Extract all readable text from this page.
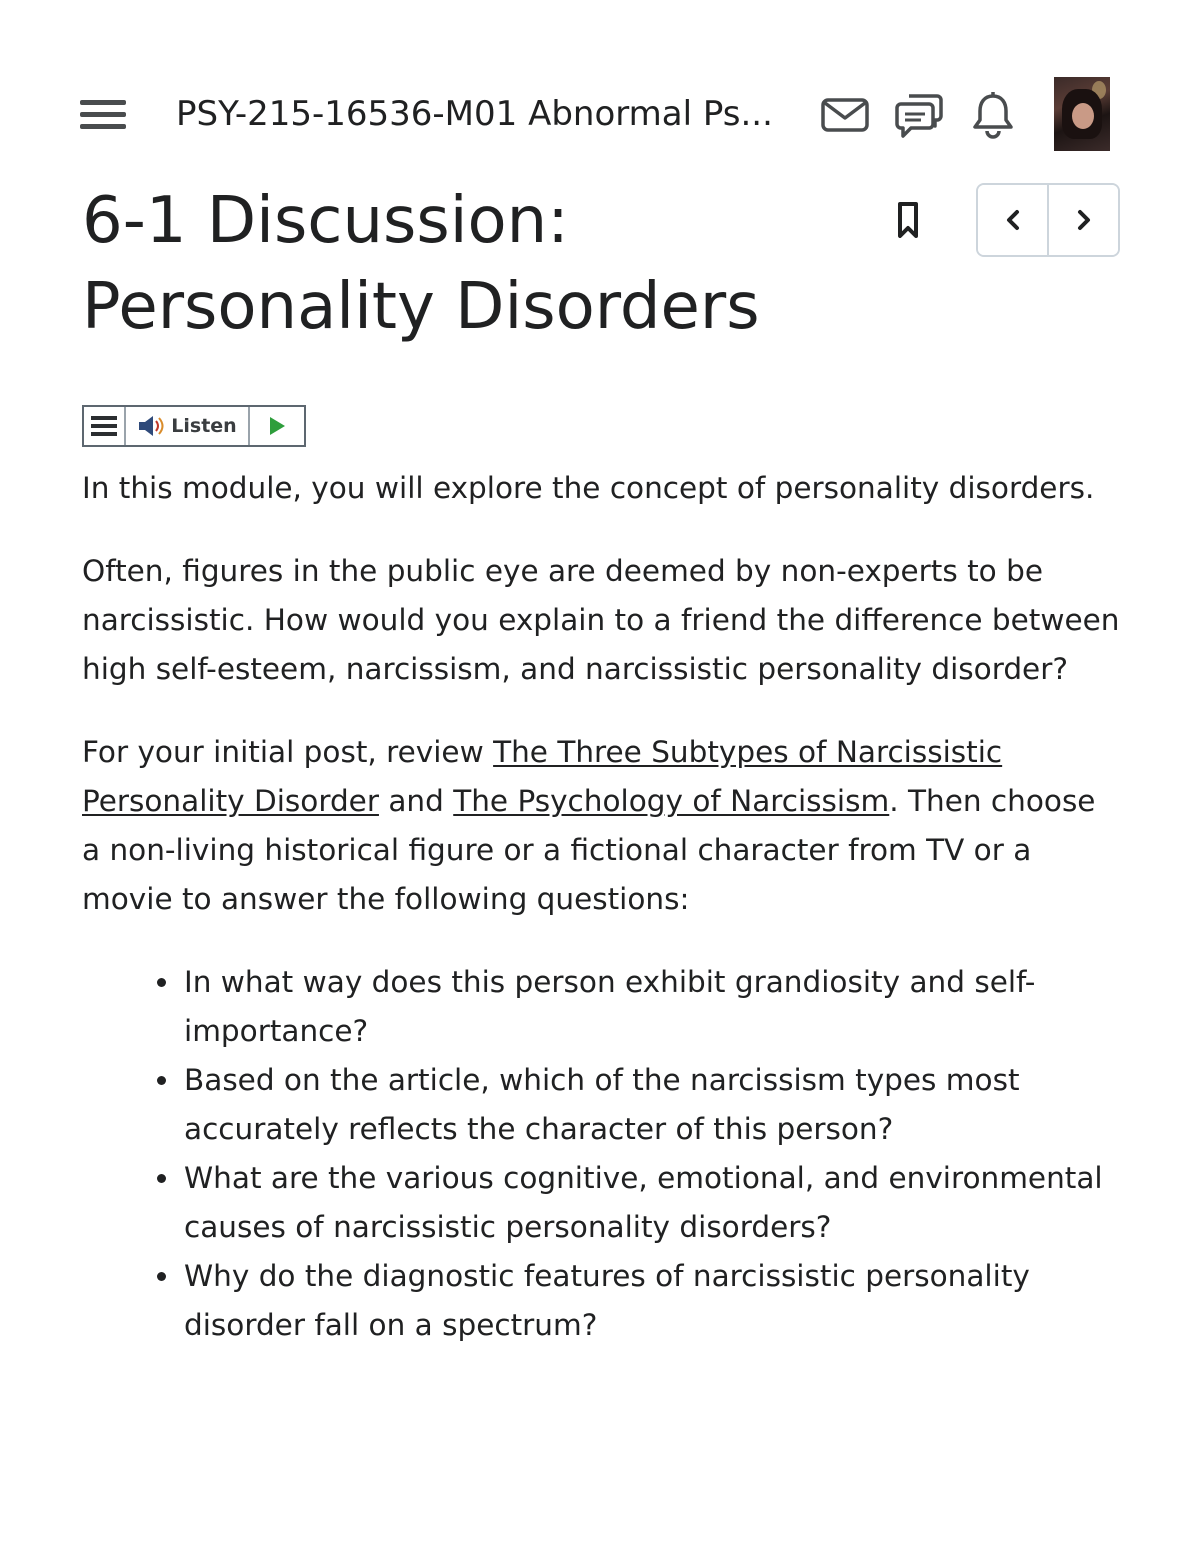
PSY-215-16536-M01 Abnormal Ps...
6-1 Discussion:
Personality Disorders
Listen

In this module, you will explore the concept of personality disorders.

Often, figures in the public eye are deemed by non-experts to be narcissistic. How would you explain to a friend the difference between high self-esteem, narcissism, and narcissistic personality disorder?

For your initial post, review The Three Subtypes of Narcissistic Personality Disorder and The Psychology of Narcissism. Then choose a non-living historical figure or a fictional character from TV or a movie to answer the following questions:

• In what way does this person exhibit grandiosity and self-importance?
• Based on the article, which of the narcissism types most accurately reflects the character of this person?
• What are the various cognitive, emotional, and environmental causes of narcissistic personality disorders?
• Why do the diagnostic features of narcissistic personality disorder fall on a spectrum?
